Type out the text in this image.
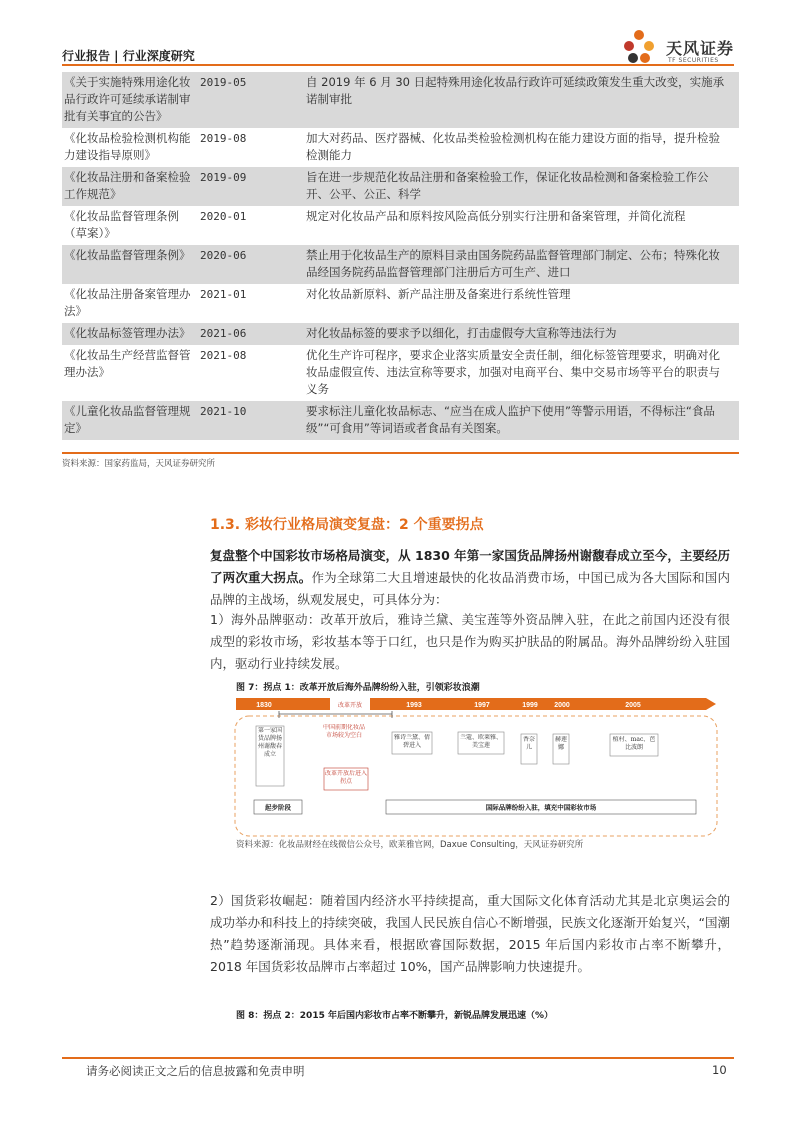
行业报告 | 行业深度研究	天风证券
TF SECURITIES
《关于实施特殊用途化妆品行政许可延续承诺制审批有关事宜的公告》	2019-05	自 2019 年 6 月 30 日起特殊用途化妆品行政许可延续政策发生重大改变，实施承诺制审批
《化妆品检验检测机构能力建设指导原则》	2019-08	加大对药品、医疗器械、化妆品类检验检测机构在能力建设方面的指导，提升检验检测能力
《化妆品注册和备案检验工作规范》	2019-09	旨在进一步规范化妆品注册和备案检验工作，保证化妆品检测和备案检验工作公开、公平、公正、科学
《化妆品监督管理条例（草案）》	2020-01	规定对化妆品产品和原料按风险高低分别实行注册和备案管理，并简化流程
《化妆品监督管理条例》	2020-06	禁止用于化妆品生产的原料目录由国务院药品监督管理部门制定、公布；特殊化妆品经国务院药品监督管理部门注册后方可生产、进口
《化妆品注册备案管理办法》	2021-01	对化妆品新原料、新产品注册及备案进行系统性管理
《化妆品标签管理办法》	2021-06	对化妆品标签的要求予以细化，打击虚假夸大宣称等违法行为
《化妆品生产经营监督管理办法》	2021-08	优化生产许可程序，要求企业落实质量安全责任制，细化标签管理要求，明确对化妆品虚假宣传、违法宣称等要求，加强对电商平台、集中交易市场等平台的职责与义务
《儿童化妆品监督管理规定》	2021-10	要求标注儿童化妆品标志、“应当在成人监护下使用”等警示用语，不得标注“食品级”“可食用”等词语或者食品有关图案。
资料来源：国家药监局，天风证券研究所
1.3. 彩妆行业格局演变复盘：2 个重要拐点
复盘整个中国彩妆市场格局演变，从 1830 年第一家国货品牌扬州谢馥春成立至今，主要经历了两次重大拐点。作为全球第二大且增速最快的化妆品消费市场，中国已成为各大国际和国内品牌的主战场，纵观发展史，可具体分为：
1）海外品牌驱动：改革开放后，雅诗兰黛、美宝莲等外资品牌入驻，在此之前国内还没有很成型的彩妆市场，彩妆基本等于口红，也只是作为购买护肤品的附属品。海外品牌纷纷入驻国内，驱动行业持续发展。
图 7：拐点 1：改革开放后海外品牌纷纷入驻，引领彩妆浪潮
1830	1993	1997	1999 2000	2005
改革开放
第一家国货品牌扬州谢馥春成立
中国前期化妆品市场较为空白
改革开放后进入拐点
雅诗兰黛、倩碧进入
兰蔻、欧莱雅、美宝莲
香奈儿
赫莲娜
植村、mac、芭比波朗
起步阶段	国际品牌纷纷入驻，填充中国彩妆市场
资料来源：化妆品财经在线微信公众号，欧莱雅官网，Daxue Consulting，天风证券研究所
2）国货彩妆崛起：随着国内经济水平持续提高，重大国际文化体育活动尤其是北京奥运会的成功举办和科技上的持续突破，我国人民民族自信心不断增强，民族文化逐渐开始复兴，“国潮热”趋势逐渐涌现。具体来看，根据欧睿国际数据，2015 年后国内彩妆市占率不断攀升，2018 年国货彩妆品牌市占率超过 10%，国产品牌影响力快速提升。
图 8：拐点 2：2015 年后国内彩妆市占率不断攀升，新锐品牌发展迅速（%）
请务必阅读正文之后的信息披露和免责申明	10
